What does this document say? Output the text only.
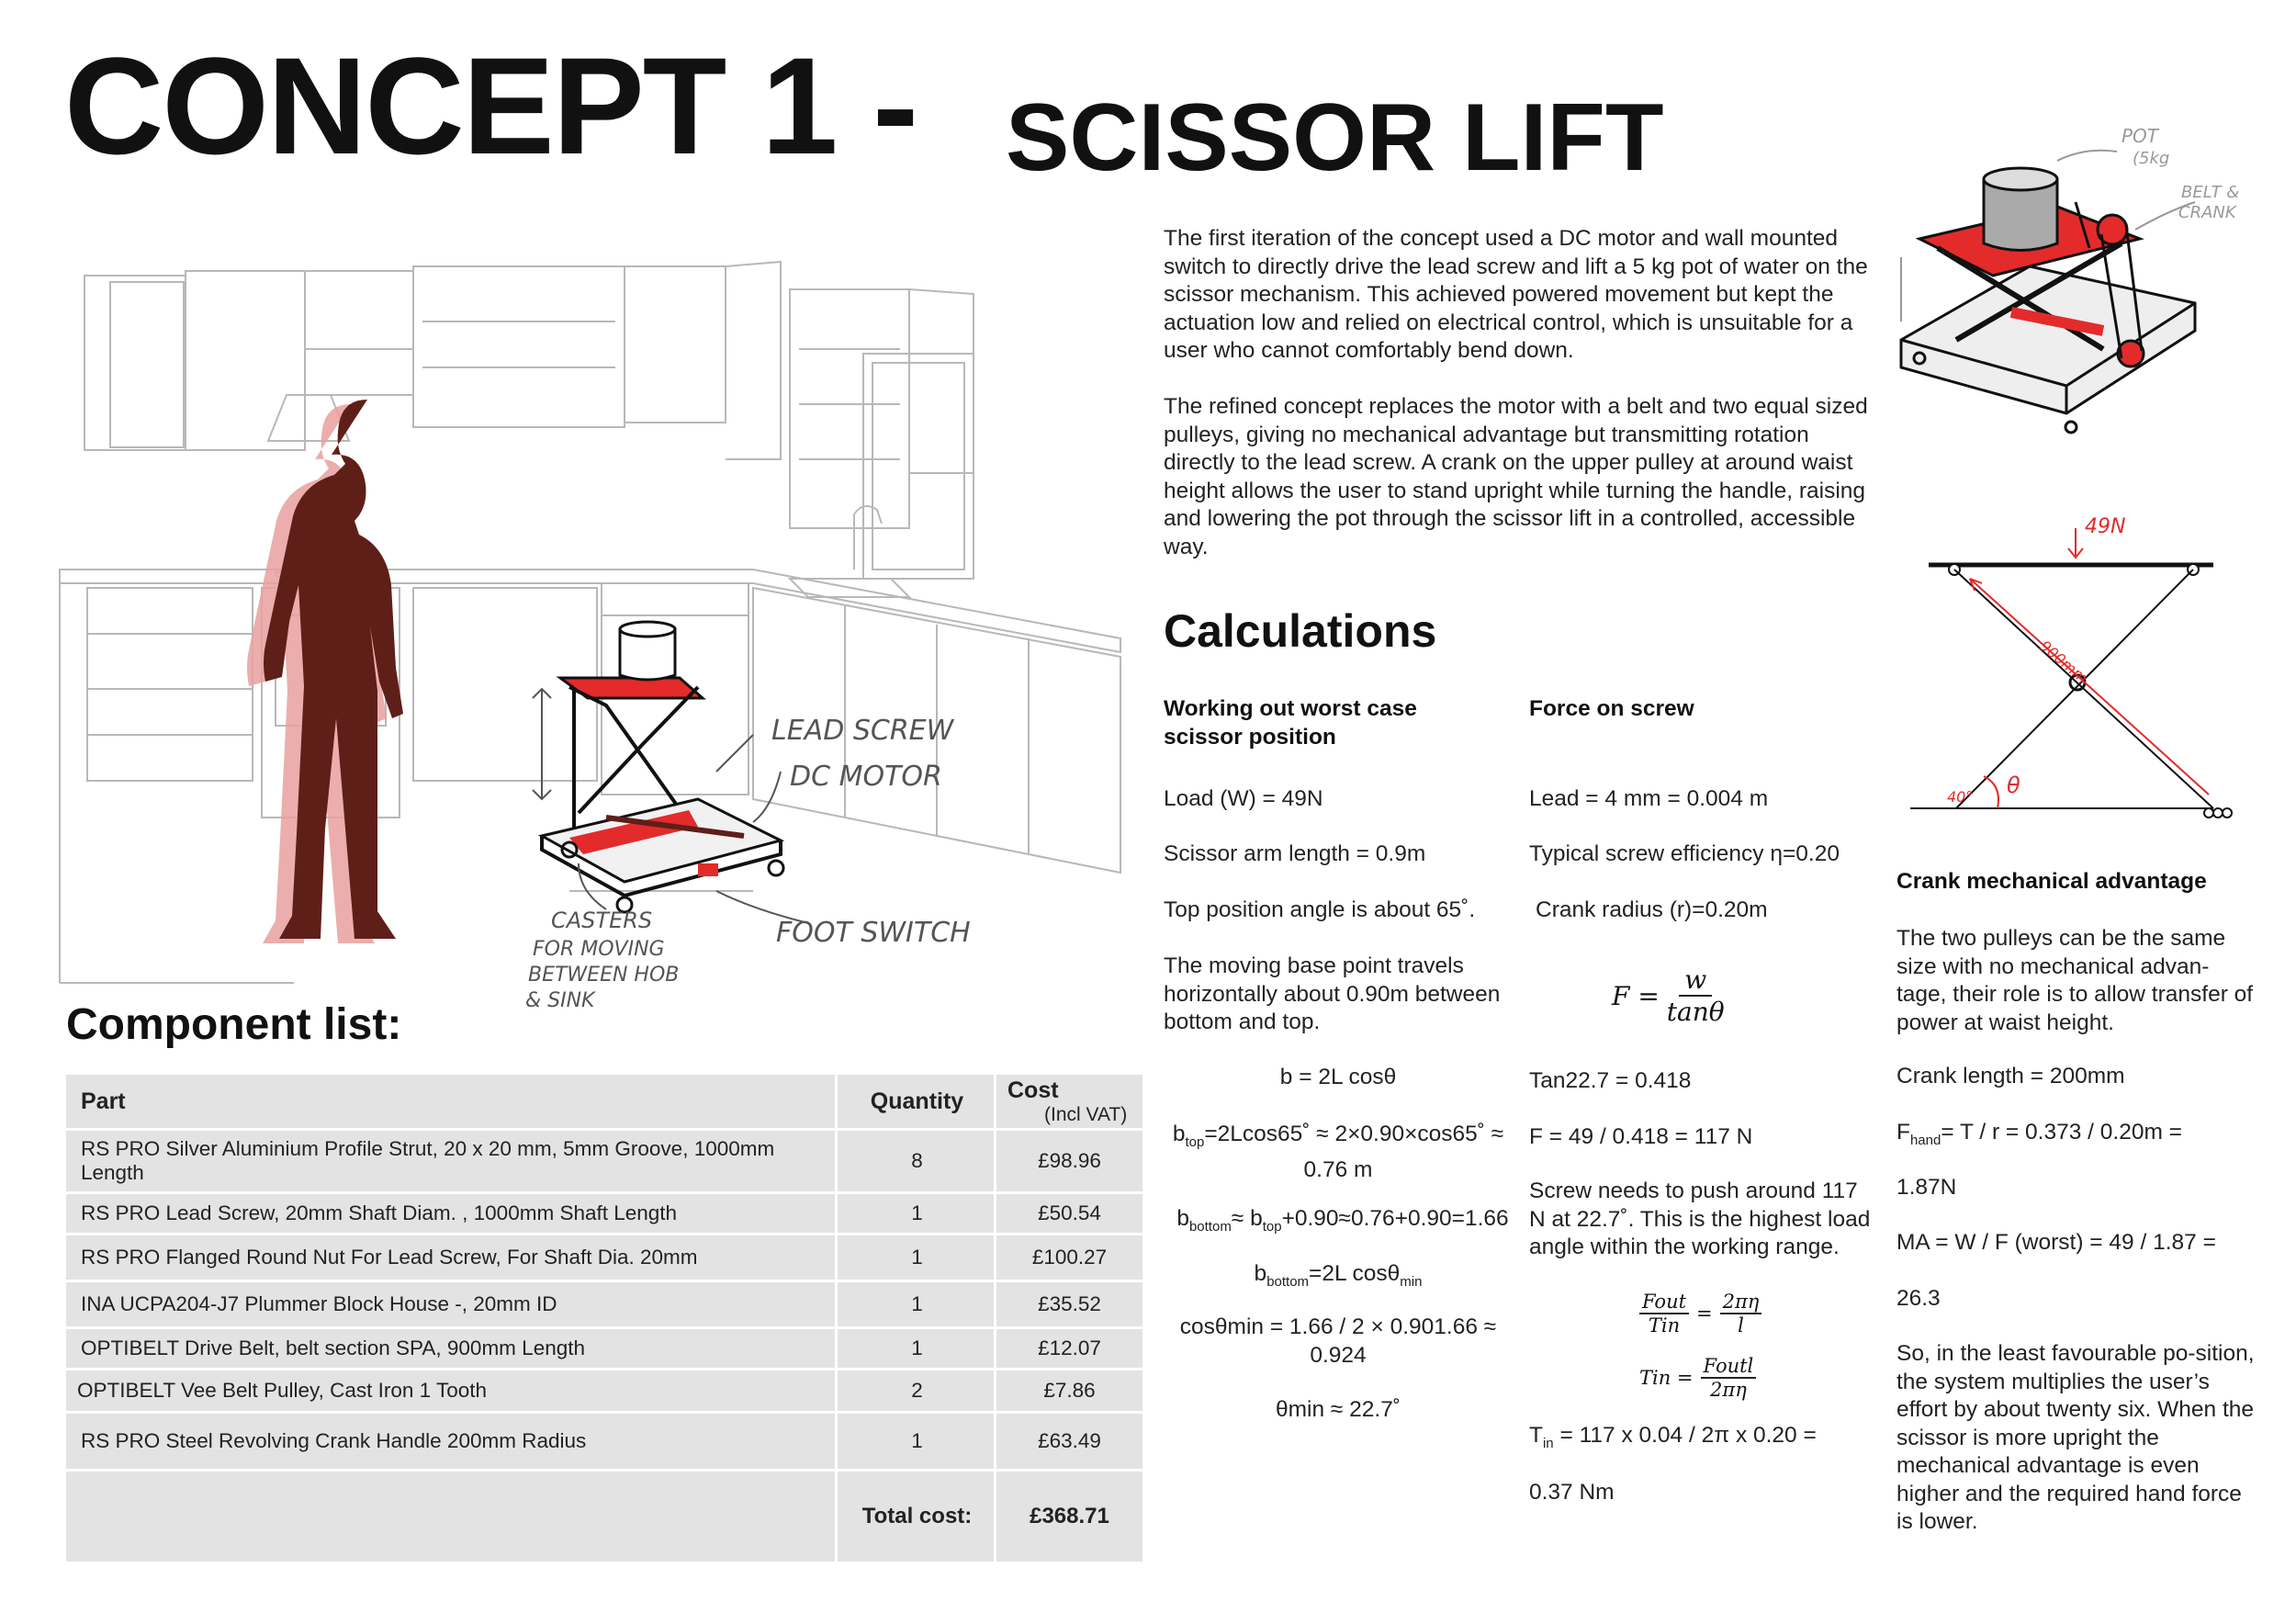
CONCEPT 1 - SCISSOR LIFT
LEAD SCREW
DC MOTOR
FOOT SWITCH
CASTERS
FOR MOVING
BETWEEN HOB
& SINK
POT
(5kg
BELT &
CRANK
49N
900mm
40° θ
The first iteration of the concept used a DC motor and wall mounted switch to directly drive the lead screw and lift a 5 kg pot of water on the scissor mechanism. This achieved powered movement but kept the actuation low and relied on electrical control, which is unsuitable for a user who cannot comfortably bend down.
The refined concept replaces the motor with a belt and two equal sized pulleys, giving no mechanical advantage but transmitting rotation directly to the lead screw. A crank on the upper pulley at around waist height allows the user to stand upright while turning the handle, raising and lowering the pot through the scissor lift in a controlled, accessible way.
Calculations
Working out worst case scissor position
Load (W) = 49N
Scissor arm length = 0.9m
Top position angle is about 65˚.
The moving base point travels horizontally about 0.90m between bottom and top.
b = 2L cosθ
$b_{top}=2Lcos65˚$ ≈ 2×0.90×cos65˚ ≈ 0.76 m
$b_{bottom}\approx b_{top}+0.90\approx 0.76+0.90=1.66$
$b_{bottom}=2L$ cosθ$_{min}$
cosθmin = 1.66 / 2 × 0.901.66 ≈ 0.924
θmin ≈ 22.7˚
Force on screw
Lead = 4 mm = 0.004 m
Typical screw efficiency η=0.20
Crank radius (r)=0.20m
$F = \frac{w}{\tan\theta}$
Tan22.7 = 0.418
F = 49 / 0.418 = 117 N
Screw needs to push around 117 N at 22.7˚. This is the highest load angle within the working range.
Fout
Tin
= $\frac{2\pi\eta}{l}$
Tin =
Foutl
2πη
$T_{in} = 117$ x 0.04 / 2π x 0.20 =
0.37 Nm
Crank mechanical advantage
The two pulleys can be the same size with no mechanical advan-tage, their role is to allow transfer of power at waist height.
Crank length = 200mm
$F_{hand}= T / r = 0.373 / 0.20m$ =
1.87N
MA = W / F (worst) = 49 / 1.87 =
26.3
So, in the least favourable po-sition, the system multiplies the user’s effort by about twenty six. When the scissor is more upright the mechanical advantage is even higher and the required hand force is lower.
Component list:
Part	Quantity	Cost
(Incl VAT)
RS PRO Silver Aluminium Profile Strut, 20 x 20 mm, 5mm Groove, 1000mm Length
8	£98.96
RS PRO Lead Screw, 20mm Shaft Diam. , 1000mm Shaft Length	1	£50.54
RS PRO Flanged Round Nut For Lead Screw, For Shaft Dia. 20mm	1	£100.27
INA UCPA204-J7 Plummer Block House -, 20mm ID	1	£35.52
OPTIBELT Drive Belt, belt section SPA, 900mm Length	1	£12.07
OPTIBELT Vee Belt Pulley, Cast Iron 1 Tooth	2	£7.86
RS PRO Steel Revolving Crank Handle 200mm Radius	1	£63.49
Total cost:	£368.71
